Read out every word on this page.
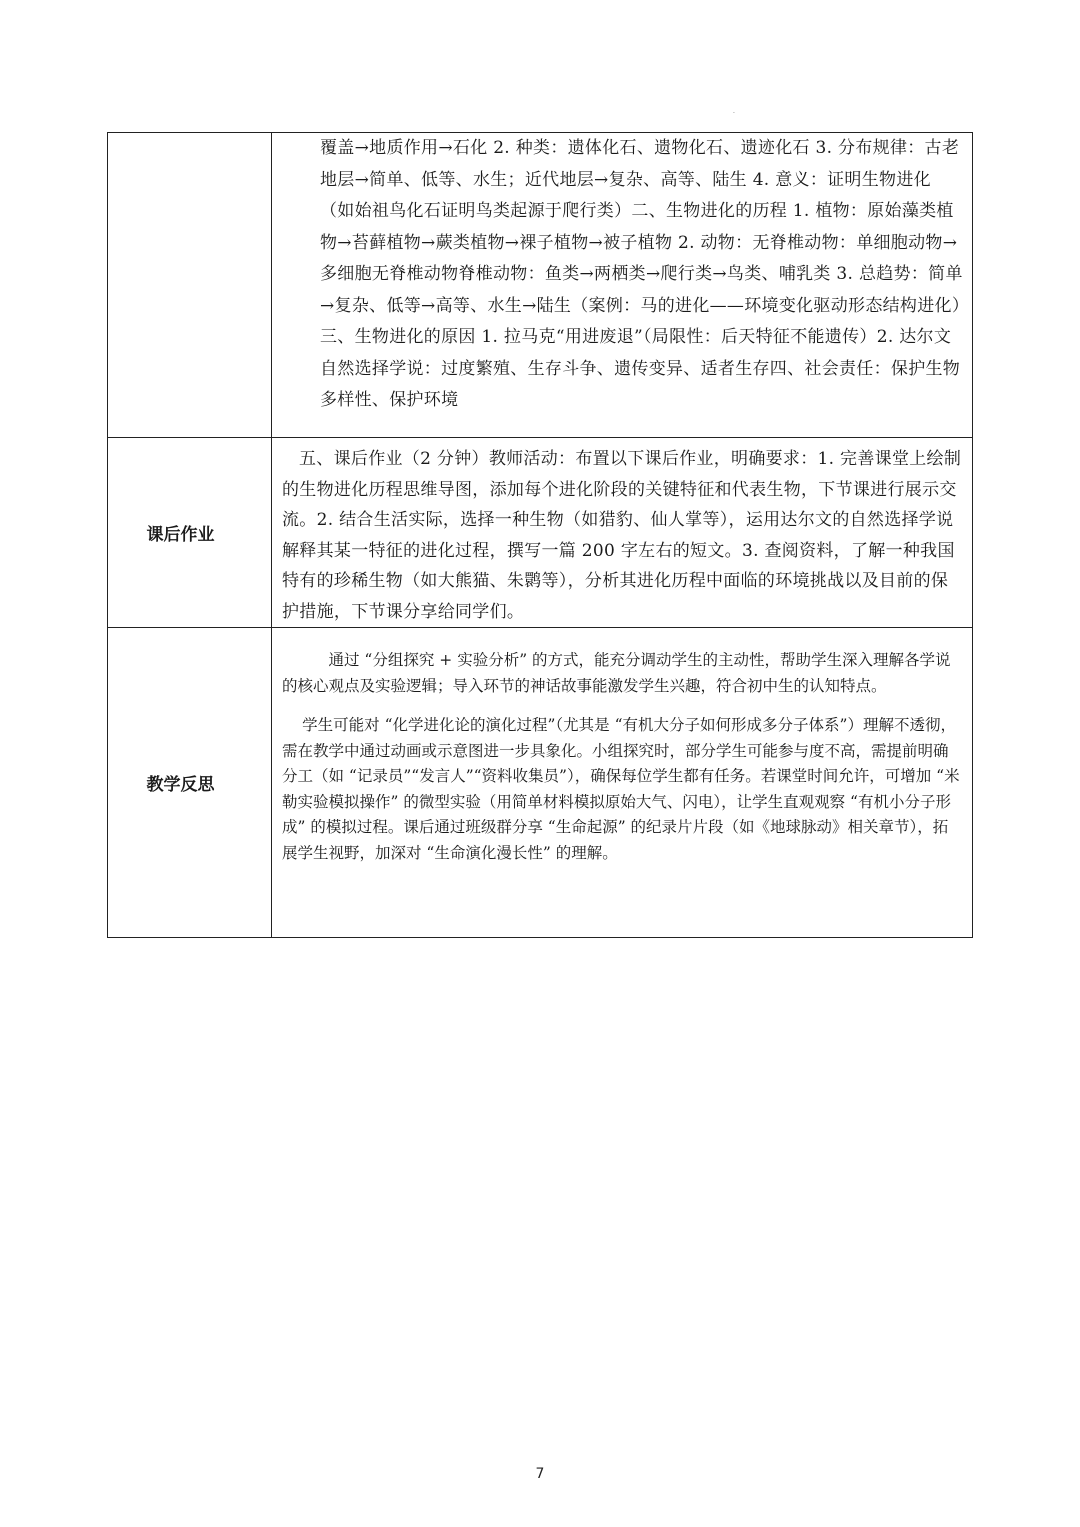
·

	覆盖→地质作用→石化 2. 种类：遗体化石、遗物化石、遗迹化石 3. 分布规律：古老地层→简单、低等、水生；近代地层→复杂、高等、陆生 4. 意义：证明生物进化（如始祖鸟化石证明鸟类起源于爬行类）二、生物进化的历程 1. 植物：原始藻类植物→苔藓植物→蕨类植物→裸子植物→被子植物 2. 动物：无脊椎动物：单细胞动物→多细胞无脊椎动物脊椎动物：鱼类→两栖类→爬行类→鸟类、哺乳类 3. 总趋势：简单→复杂、低等→高等、水生→陆生（案例：马的进化——环境变化驱动形态结构进化）三、生物进化的原因 1. 拉马克“用进废退”（局限性：后天特征不能遗传）2. 达尔文自然选择学说：过度繁殖、生存斗争、遗传变异、适者生存四、社会责任：保护生物多样性、保护环境

课后作业	五、课后作业（2 分钟）教师活动：布置以下课后作业，明确要求：1. 完善课堂上绘制的生物进化历程思维导图，添加每个进化阶段的关键特征和代表生物，下节课进行展示交流。2. 结合生活实际，选择一种生物（如猎豹、仙人掌等），运用达尔文的自然选择学说解释其某一特征的进化过程，撰写一篇 200 字左右的短文。3. 查阅资料，了解一种我国特有的珍稀生物（如大熊猫、朱鹮等），分析其进化历程中面临的环境挑战以及目前的保护措施，下节课分享给同学们。

教学反思	通过 “分组探究 + 实验分析” 的方式，能充分调动学生的主动性，帮助学生深入理解各学说的核心观点及实验逻辑；导入环节的神话故事能激发学生兴趣，符合初中生的认知特点。

学生可能对 “化学进化论的演化过程”（尤其是 “有机大分子如何形成多分子体系”）理解不透彻，需在教学中通过动画或示意图进一步具象化。小组探究时，部分学生可能参与度不高，需提前明确分工（如 “记录员”“发言人”“资料收集员”），确保每位学生都有任务。若课堂时间允许，可增加 “米勒实验模拟操作” 的微型实验（用简单材料模拟原始大气、闪电），让学生直观观察 “有机小分子形成” 的模拟过程。课后通过班级群分享 “生命起源” 的纪录片片段（如《地球脉动》相关章节），拓展学生视野，加深对 “生命演化漫长性” 的理解。

7
